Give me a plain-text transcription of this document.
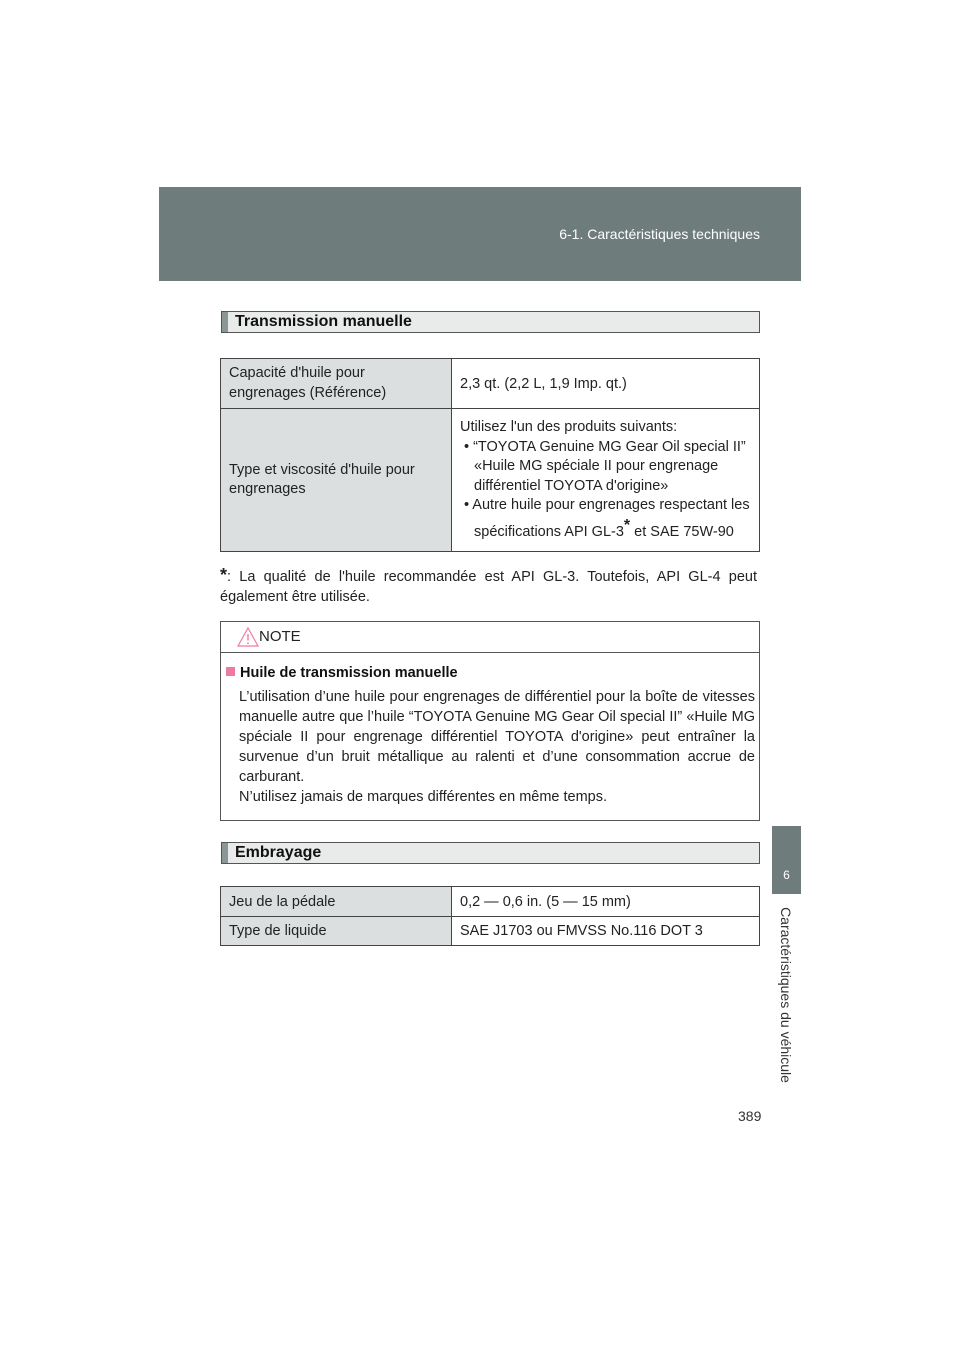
6-1. Caractéristiques techniques
6
Caractéristiques du véhicule
Transmission manuelle
Capacité d'huile pour engrenages (Référence)	2,3 qt. (2,2 L, 1,9 Imp. qt.)

Type et viscosité d'huile pour engrenages	Utilisez l'un des produits suivants:
• “TOYOTA Genuine MG Gear Oil special II” «Huile MG spéciale II pour engrenage différentiel TOYOTA d'origine»
• Autre huile pour engrenages respectant les spécifications API GL-3* et SAE 75W-90
*: La qualité de l'huile recommandée est API GL-3. Toutefois, API GL-4 peut également être utilisée.
NOTE
Huile de transmission manuelle
L’utilisation d’une huile pour engrenages de différentiel pour la boîte de vitesses manuelle autre que l’huile “TOYOTA Genuine MG Gear Oil special II” «Huile MG spéciale II pour engrenage différentiel TOYOTA d'origine» peut entraîner la survenue d’un bruit métallique au ralenti et d’une consommation accrue de carburant.
N’utilisez jamais de marques différentes en même temps.
Embrayage
Jeu de la pédale	0,2 — 0,6 in. (5 — 15 mm)

Type de liquide	SAE J1703 ou FMVSS No.116 DOT 3
389
